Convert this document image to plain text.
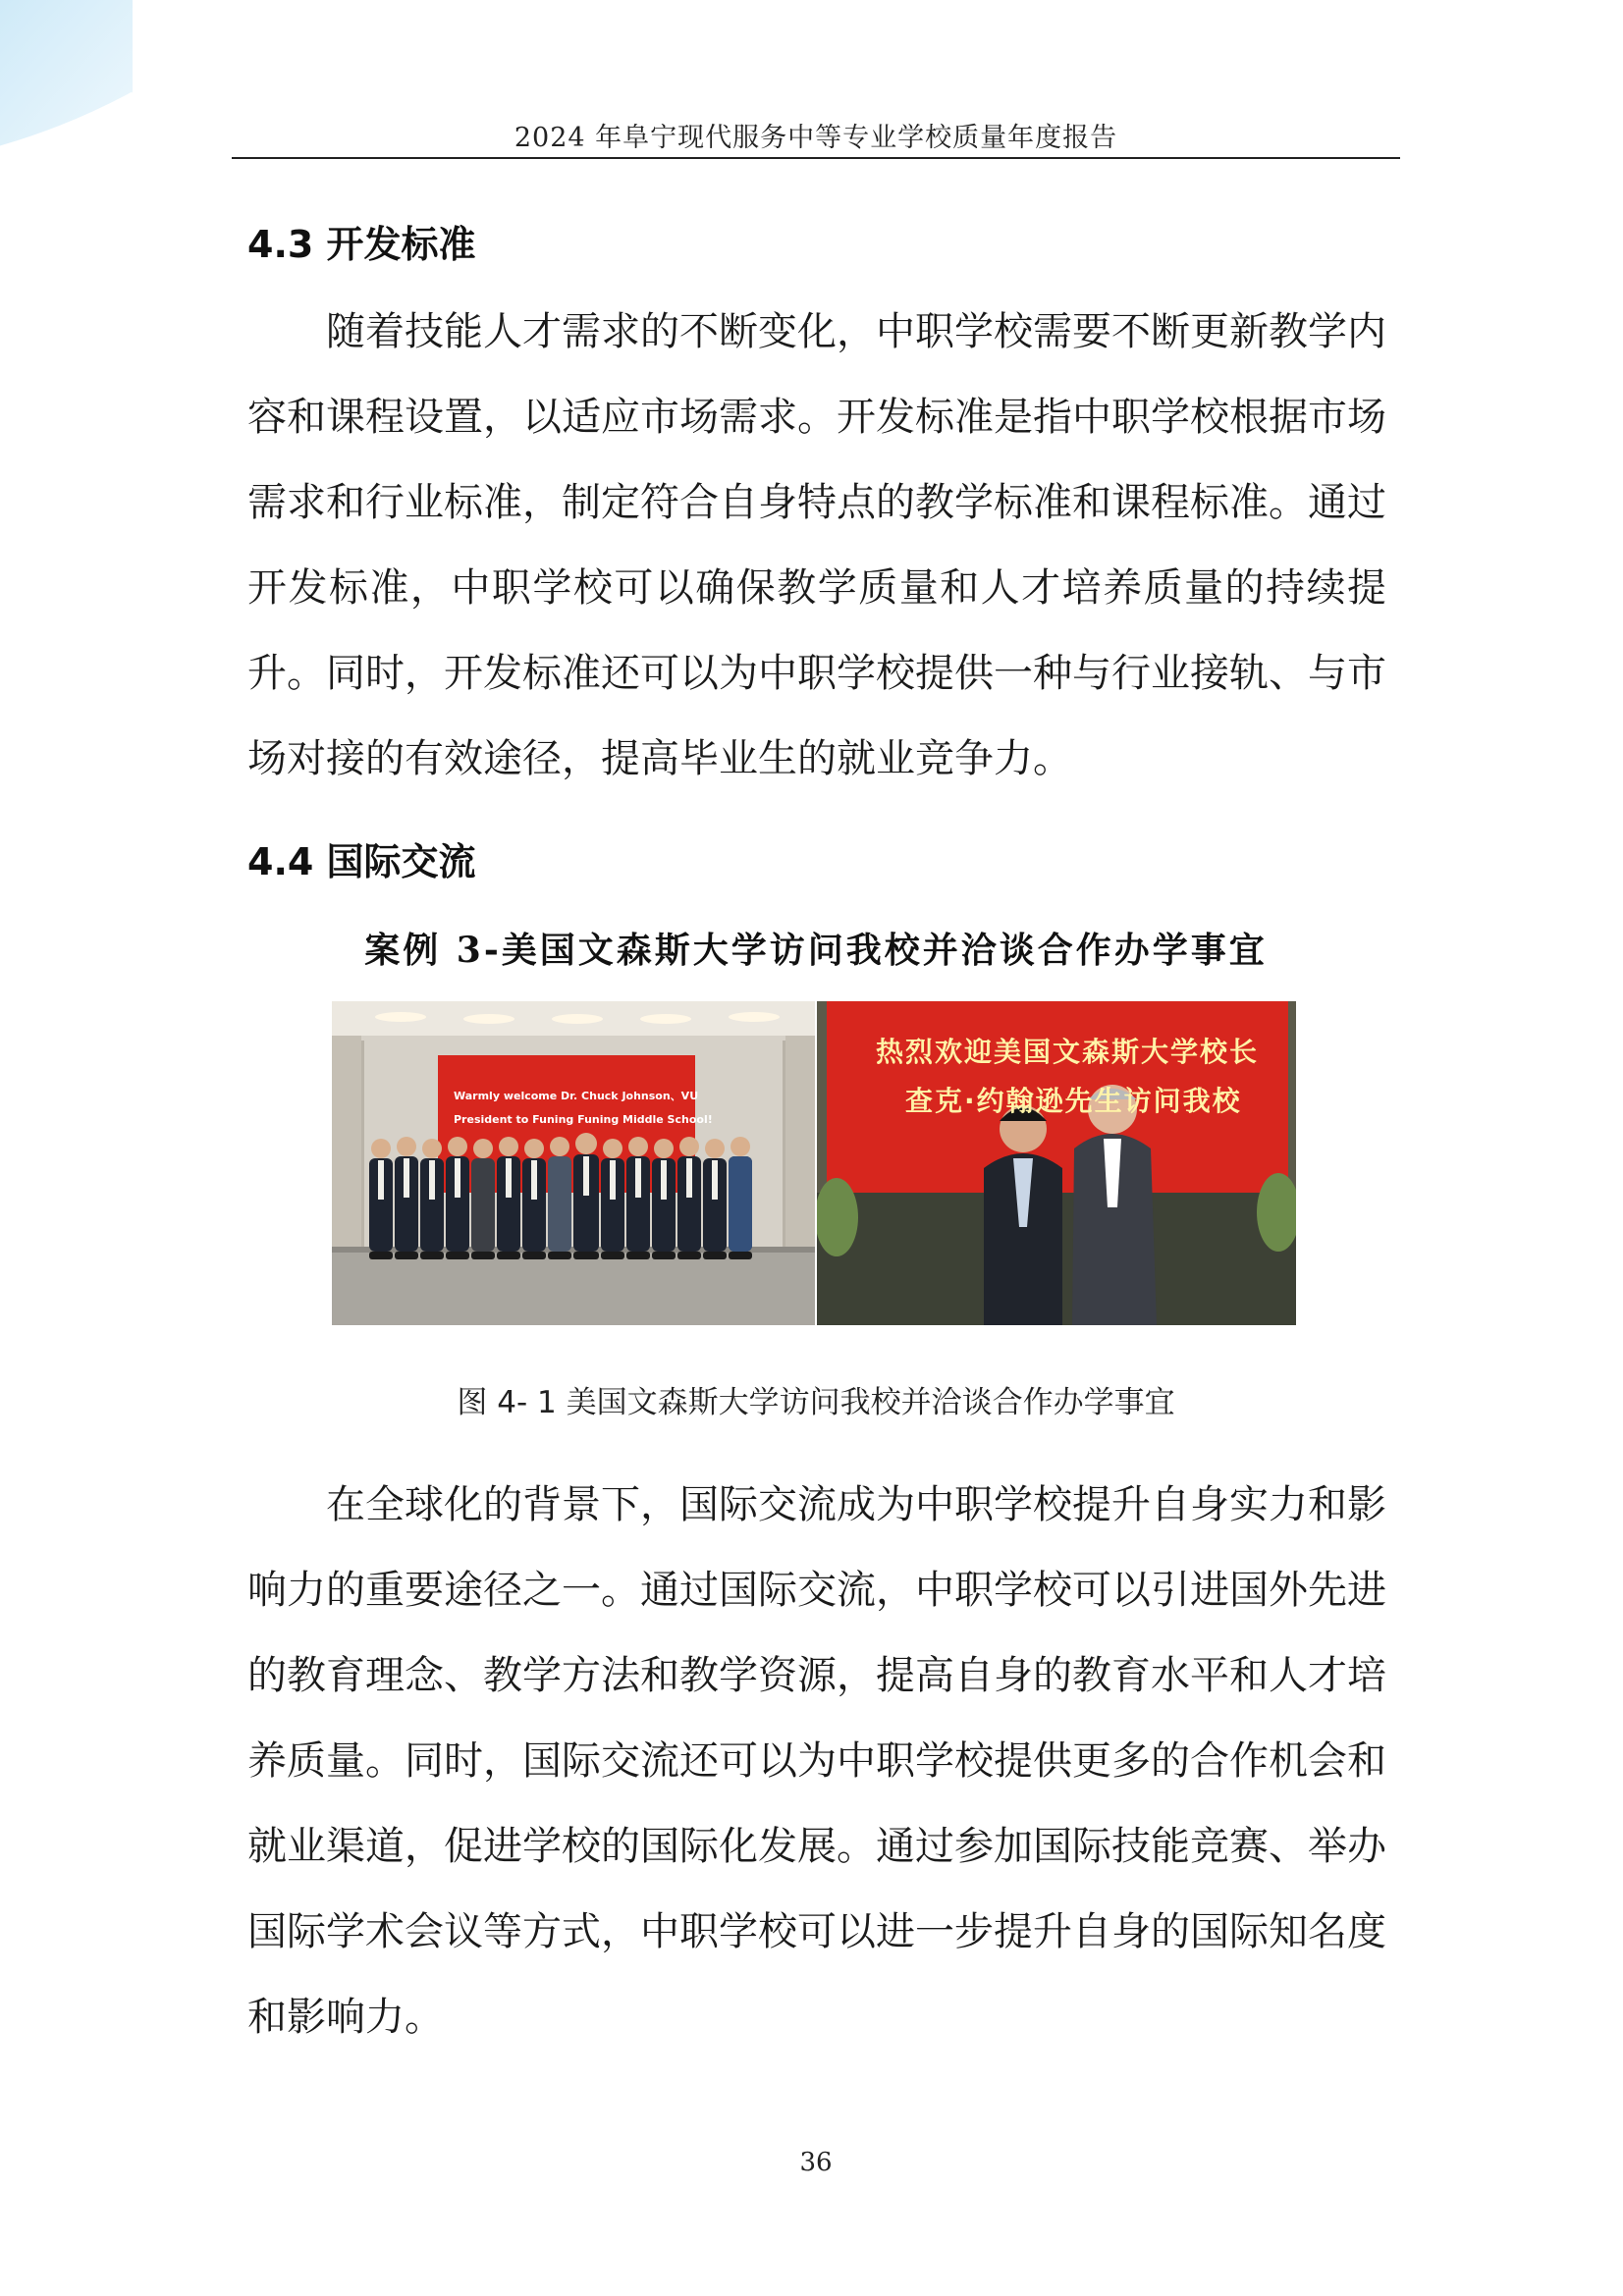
2024 年阜宁现代服务中等专业学校质量年度报告
4.3 开发标准

随着技能人才需求的不断变化，中职学校需要不断更新教学内容和课程设置，以适应市场需求。开发标准是指中职学校根据市场需求和行业标准，制定符合自身特点的教学标准和课程标准。通过开发标准，中职学校可以确保教学质量和人才培养质量的持续提升。同时，开发标准还可以为中职学校提供一种与行业接轨、与市场对接的有效途径，提高毕业生的就业竞争力。

4.4 国际交流
案例 3-美国文森斯大学访问我校并洽谈合作办学事宜
Warmly welcome Dr. Chuck Johnson、VU
President to Funing Funing Middle School!
热烈欢迎美国文森斯大学校长
查克·约翰逊先生访问我校
图 4- 1 美国文森斯大学访问我校并洽谈合作办学事宜

在全球化的背景下，国际交流成为中职学校提升自身实力和影响力的重要途径之一。通过国际交流，中职学校可以引进国外先进的教育理念、教学方法和教学资源，提高自身的教育水平和人才培养质量。同时，国际交流还可以为中职学校提供更多的合作机会和就业渠道，促进学校的国际化发展。通过参加国际技能竞赛、举办国际学术会议等方式，中职学校可以进一步提升自身的国际知名度和影响力。

36
